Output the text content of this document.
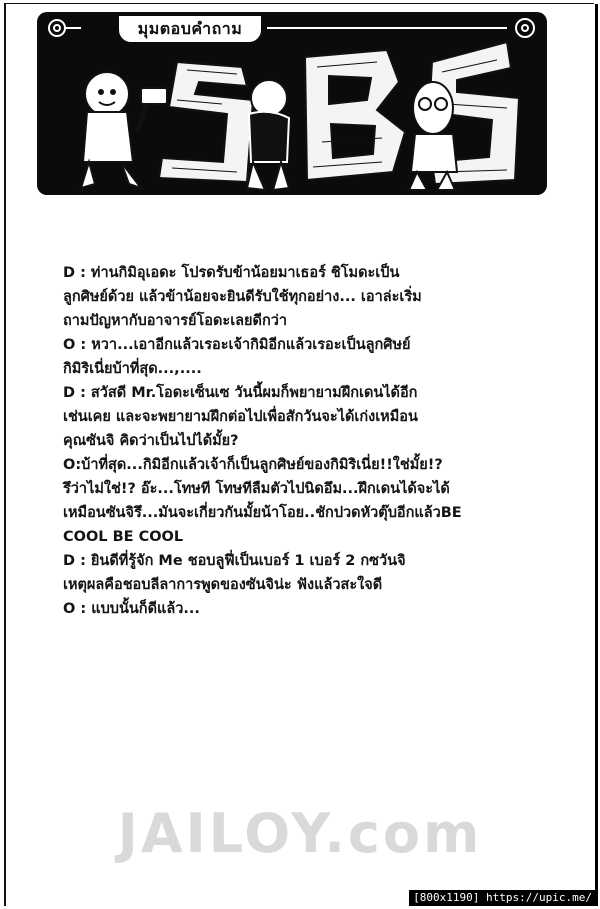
มุมตอบคำถาม

D : ท่านกิมิอุเอดะ โปรดรับข้าน้อยมาเธอร์ ชิโมดะเป็น

ลูกศิษย์ด้วย แล้วข้าน้อยจะยินดีรับใช้ทุกอย่าง... เอาล่ะเริ่ม

ถามปัญหากับอาจารย์โอดะเลยดีกว่า

O : หวา...เอาอีกแล้วเรอะเจ้ากิมิอีกแล้วเรอะเป็นลูกศิษย์

กิมิริเนี่ยบ้าที่สุด...,....

D : สวัสดี Mr.โอดะเซ็นเซ วันนี้ผมก็พยายามฝึกเดนได้อีก

เช่นเคย และจะพยายามฝึกต่อไปเพื่อสักวันจะได้เก่งเหมือน

คุณซันจิ คิดว่าเป็นไปได้มั้ย?

O:บ้าที่สุด...กิมิอีกแล้วเจ้าก็เป็นลูกศิษย์ของกิมิริเนี่ย!!ใช่มั้ย!?

รึว่าไม่ใช่!? อ๊ะ...โทษที โทษทีลืมตัวไปนิดอึม...ฝึกเดนได้จะได้

เหมือนซันจิรึ...มันจะเกี่ยวกันมั้ยน้าโอย..ชักปวดหัวตุ๊บอีกแล้วBE

COOL BE COOL

D : ยินดีที่รู้จัก Me ชอบลูฟี่เป็นเบอร์ 1 เบอร์ 2 กซวันจิ

เหตุผลคือชอบลีลาการพูดของซันจิน่ะ ฟังแล้วสะใจดี

O : แบบนั้นก็ดีแล้ว...

JAILOY.com
[800x1190] https://upic.me/
